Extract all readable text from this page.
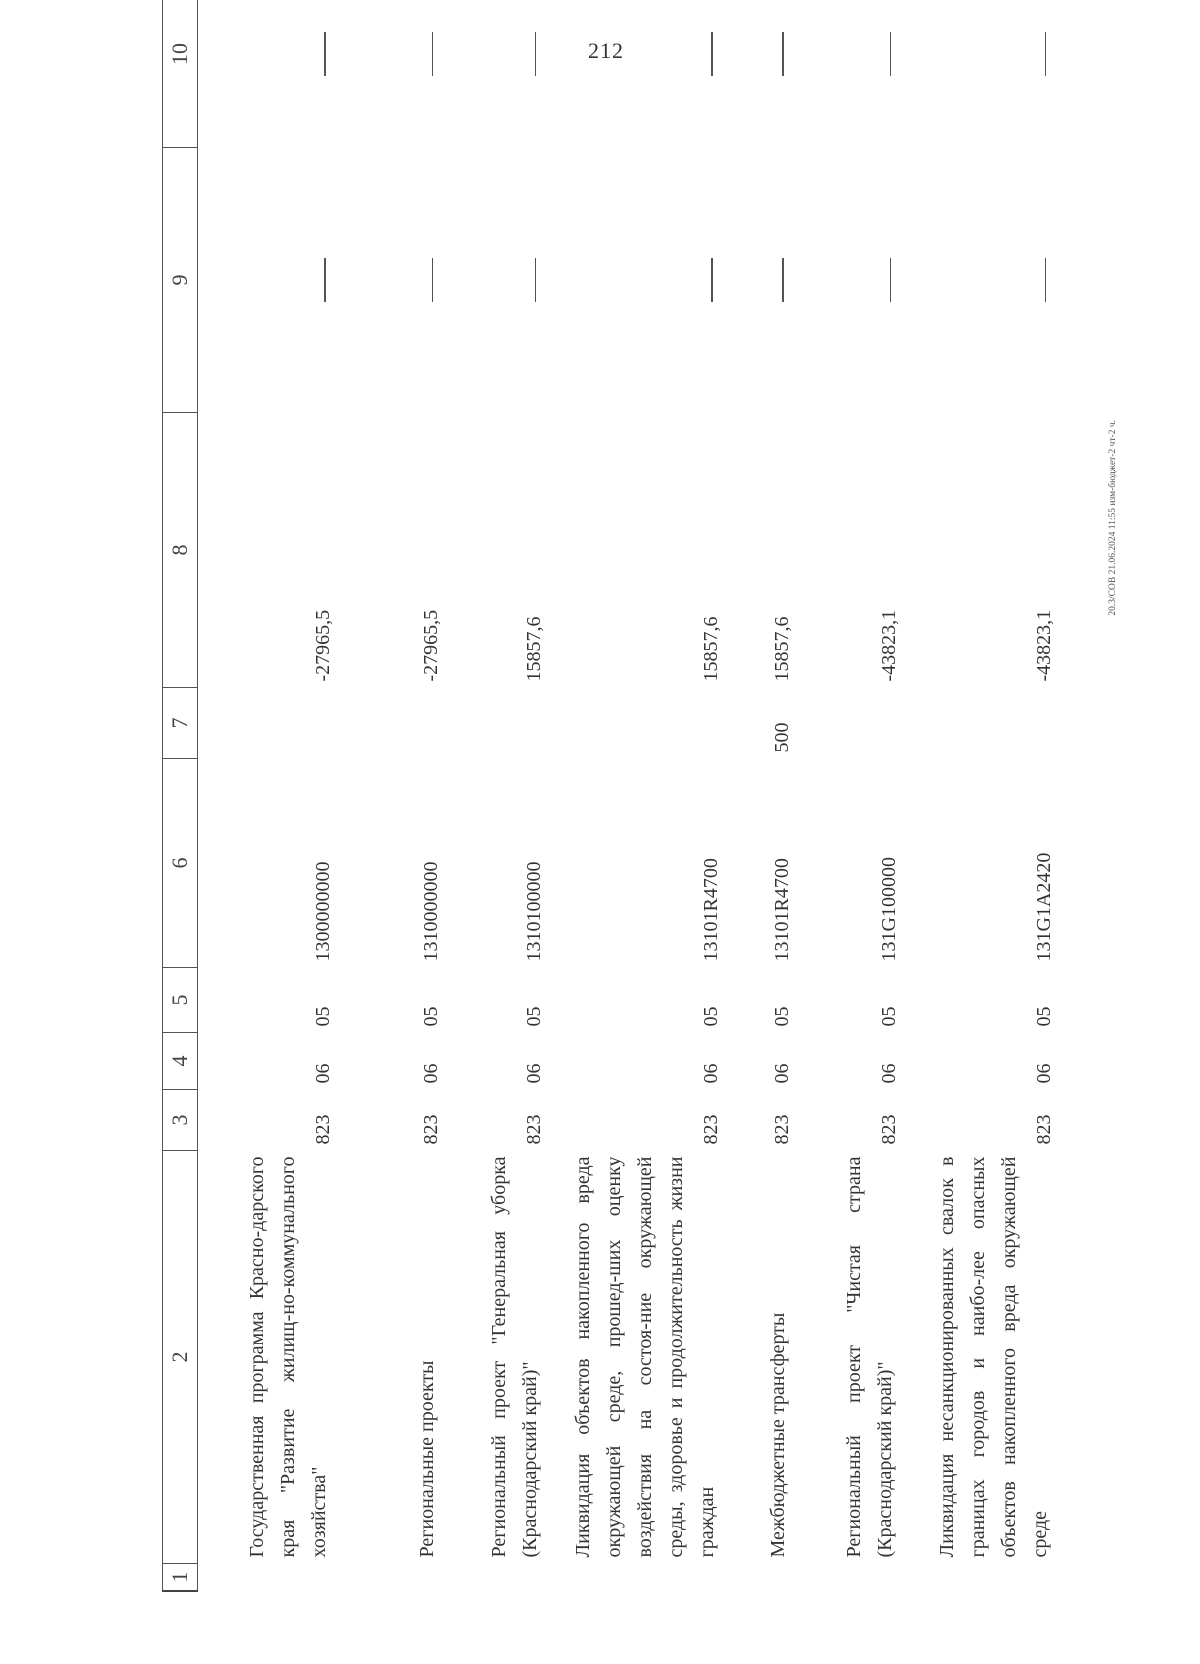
212
1	2	3	4	5	6	7	8	9	10
	Государственная программа Красно-дарского края "Развитие жилищ-но-коммунального хозяйства"	823	06	05	1300000000		-27965,5		
	Региональные проекты	823	06	05	1310000000		-27965,5		
	Региональный проект "Генеральная уборка (Краснодарский край)"	823	06	05	1310100000		15857,6		
	Ликвидация объектов накопленного вреда окружающей среде, прошед-ших оценку воздействия на состоя-ние окружающей среды, здоровье и продолжительность жизни граждан	823	06	05	13101R4700		15857,6		
	Межбюджетные трансферты	823	06	05	13101R4700	500	15857,6		
	Региональный проект "Чистая страна (Краснодарский край)"	823	06	05	131G100000		-43823,1		
	Ликвидация несанкционированных свалок в границах городов и наибо-лее опасных объектов накопленного вреда окружающей среде	823	06	05	131G1A2420		-43823,1		
20.3/СОВ 21.06.2024 11:55 изм-бюджет-2 чт-2 ч.
